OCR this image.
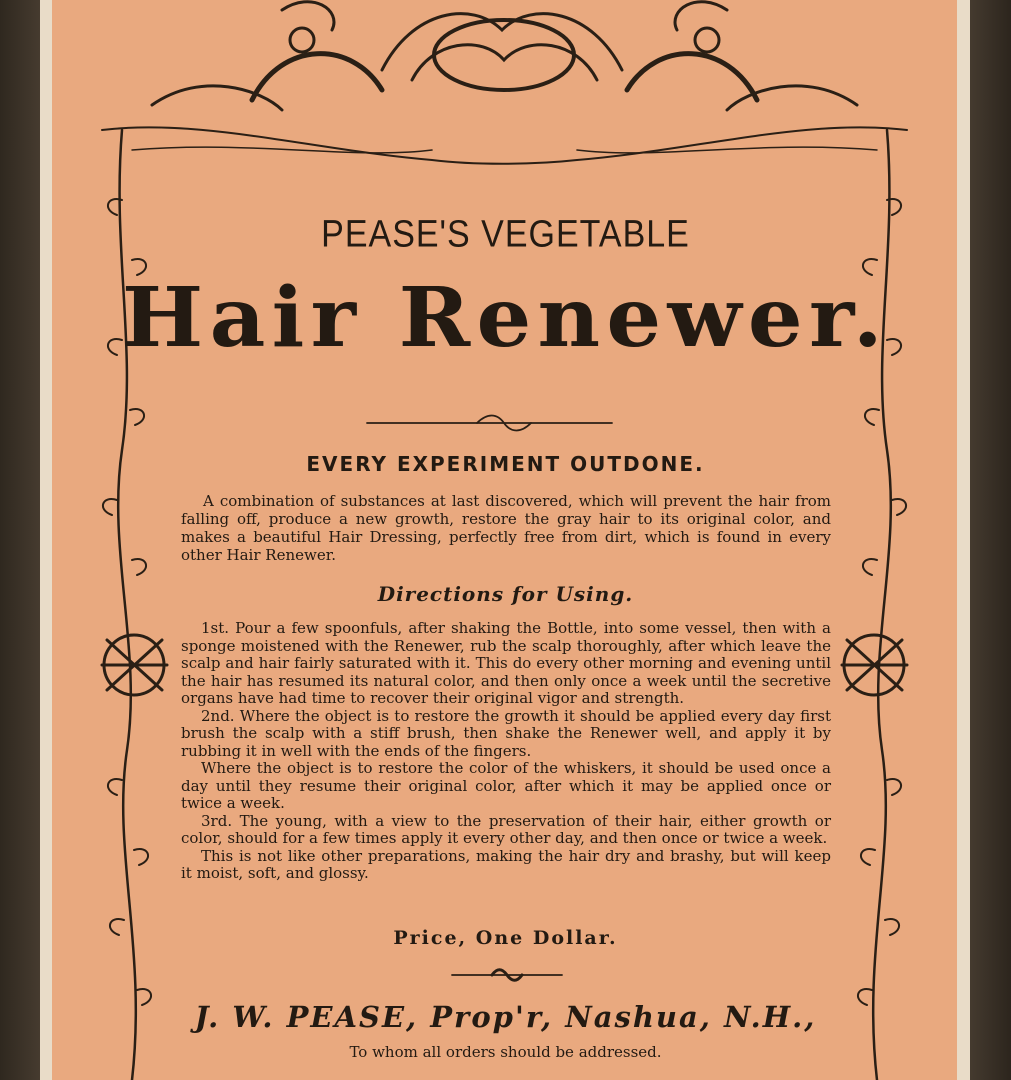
PEASE'S VEGETABLE
Hair Renewer.
EVERY EXPERIMENT OUTDONE.
A combination of substances at last discovered, which will prevent the hair from falling off, produce a new growth, restore the gray hair to its original color, and makes a beautiful Hair Dressing, perfectly free from dirt, which is found in every other Hair Renewer.
Directions for Using.

1st. Pour a few spoonfuls, after shaking the Bottle, into some vessel, then with a sponge moistened with the Renewer, rub the scalp thoroughly, after which leave the scalp and hair fairly saturated with it. This do every other morning and evening until the hair has resumed its natural color, and then only once a week until the secretive organs have had time to recover their original vigor and strength.

2nd. Where the object is to restore the growth it should be applied every day first brush the scalp with a stiff brush, then shake the Renewer well, and apply it by rubbing it in well with the ends of the fingers.

Where the object is to restore the color of the whiskers, it should be used once a day until they resume their original color, after which it may be applied once or twice a week.

3rd. The young, with a view to the preservation of their hair, either growth or color, should for a few times apply it every other day, and then once or twice a week.

This is not like other preparations, making the hair dry and brashy, but will keep it moist, soft, and glossy.

Price, One Dollar.
J. W. PEASE, Prop'r, Nashua, N.H.,
To whom all orders should be addressed.
